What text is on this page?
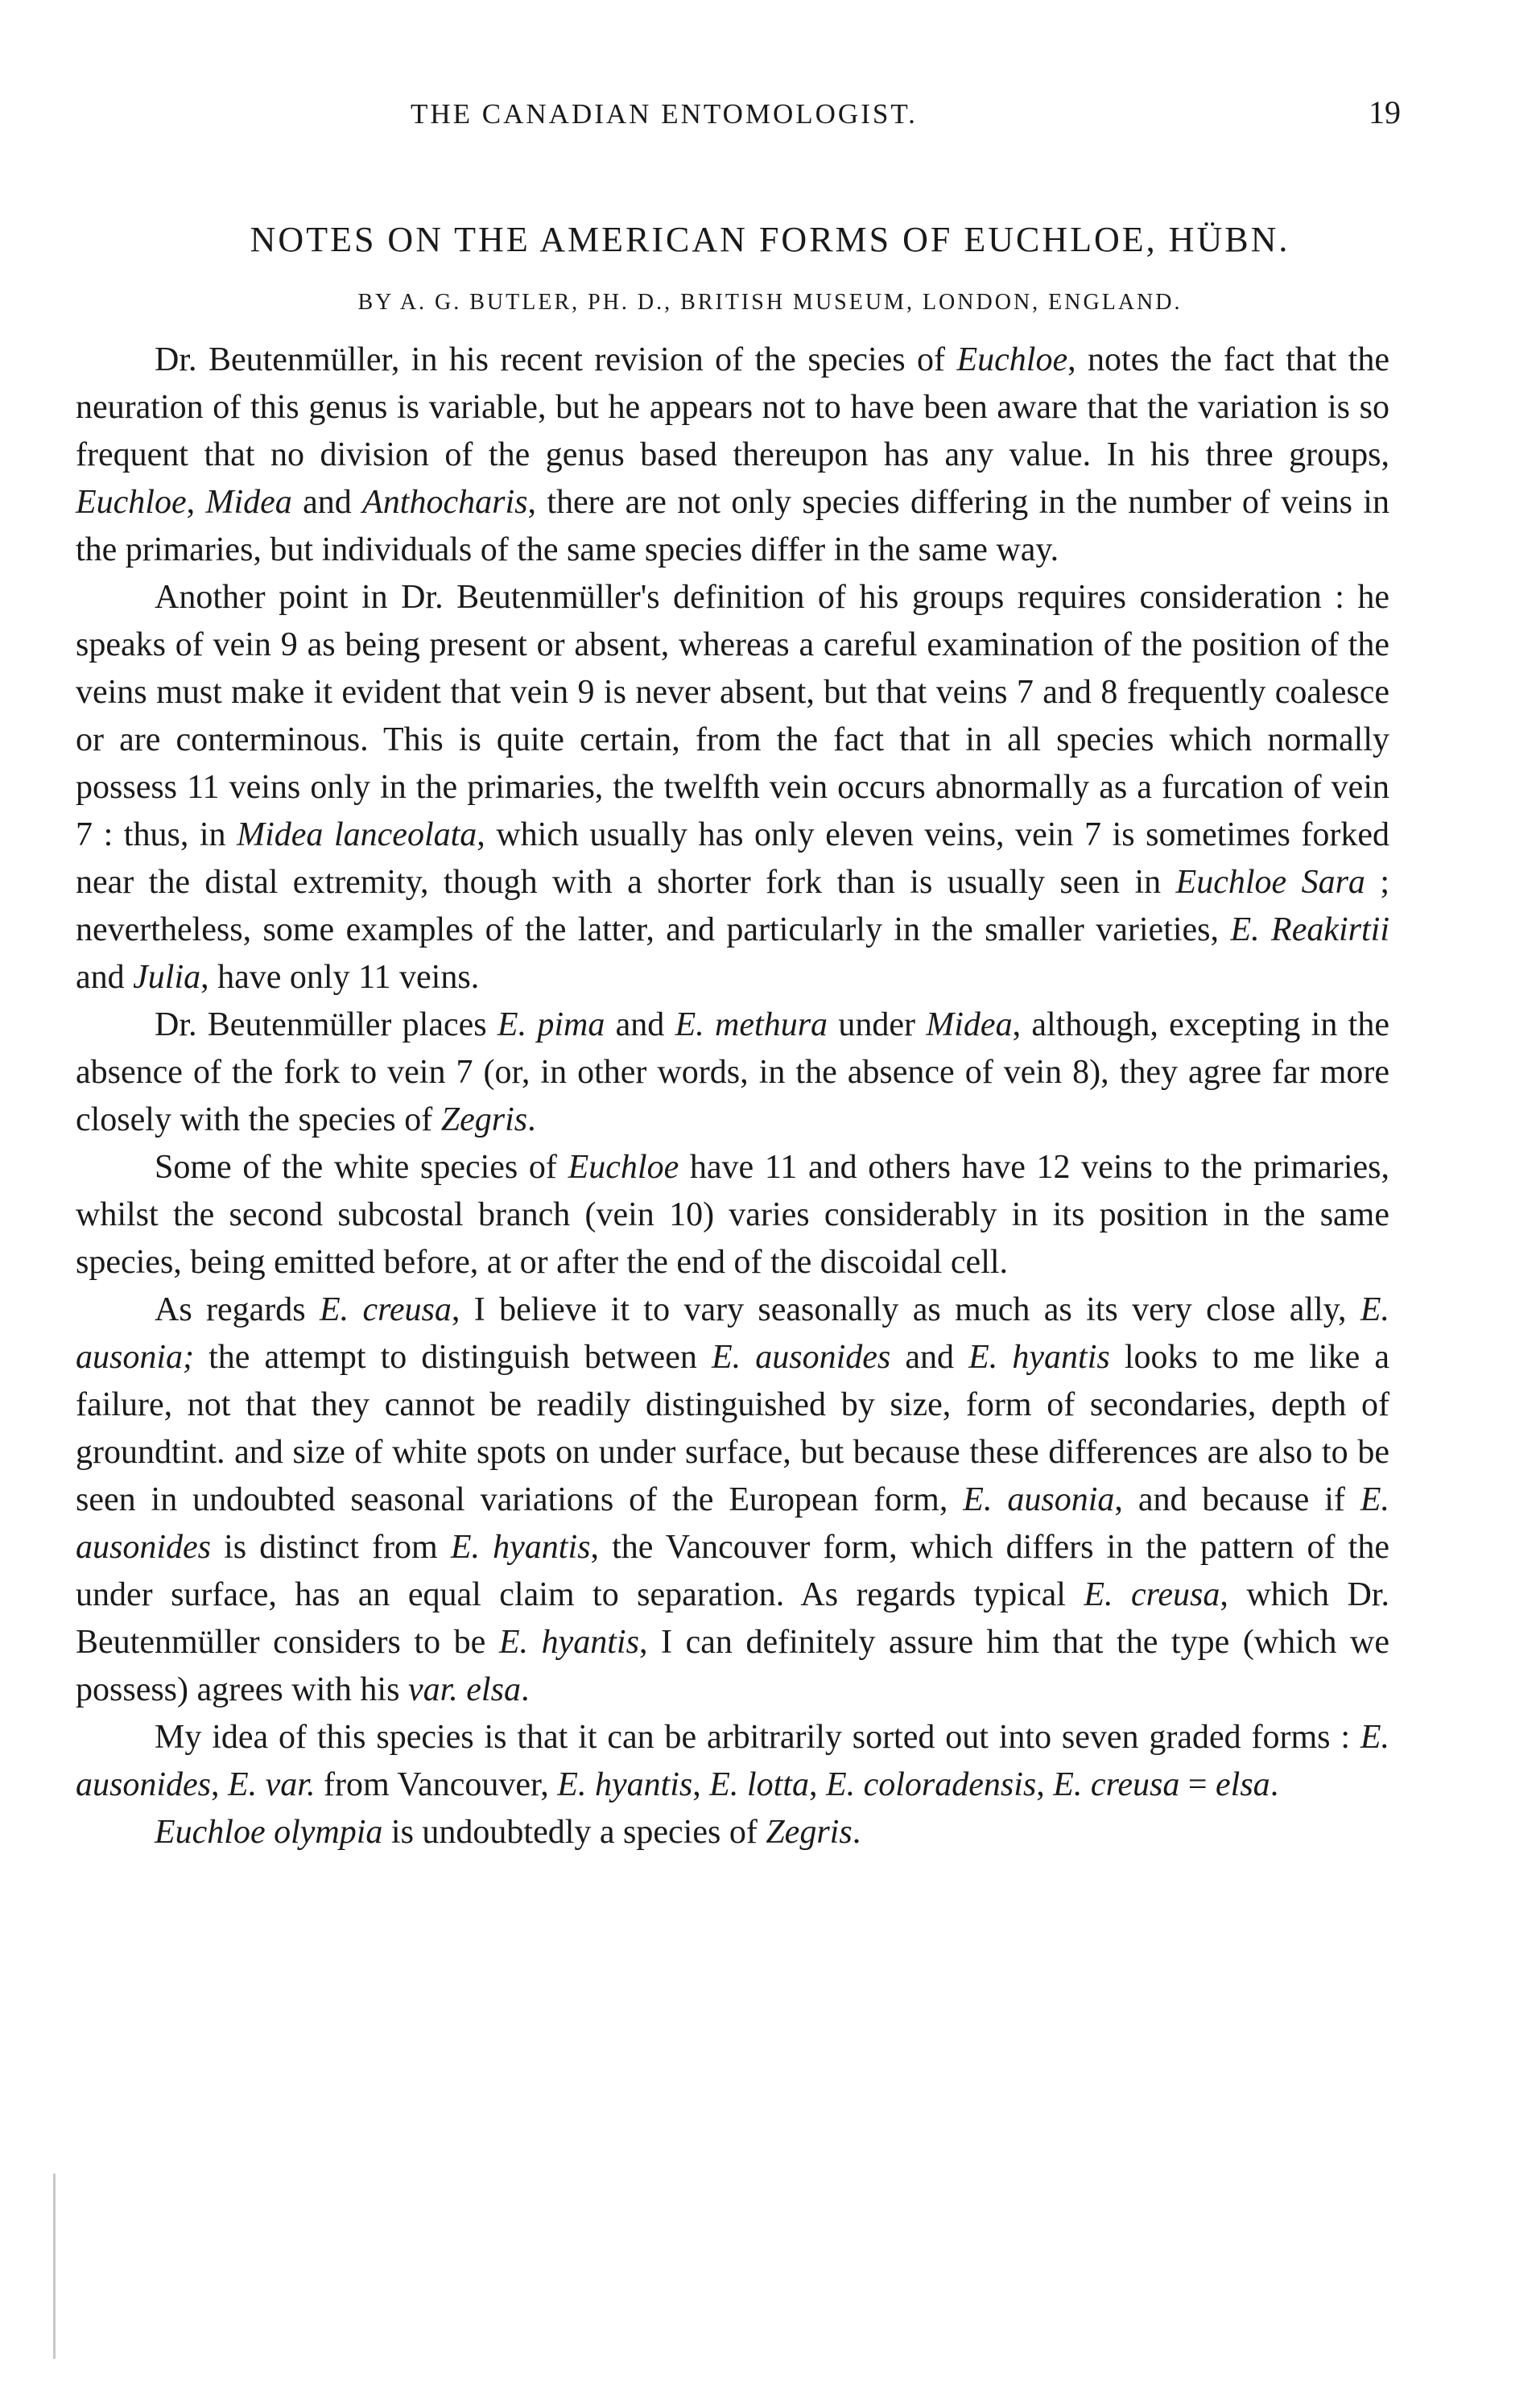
THE CANADIAN ENTOMOLOGIST.	19
NOTES ON THE AMERICAN FORMS OF EUCHLOE, HÜBN.
BY A. G. BUTLER, PH. D., BRITISH MUSEUM, LONDON, ENGLAND.

Dr. Beutenmüller, in his recent revision of the species of Euchloe, notes the fact that the neuration of this genus is variable, but he appears not to have been aware that the variation is so frequent that no division of the genus based thereupon has any value. In his three groups, Euchloe, Midea and Anthocharis, there are not only species differing in the number of veins in the primaries, but individuals of the same species differ in the same way.

Another point in Dr. Beutenmüller's definition of his groups requires consideration : he speaks of vein 9 as being present or absent, whereas a careful examination of the position of the veins must make it evident that vein 9 is never absent, but that veins 7 and 8 frequently coalesce or are conterminous. This is quite certain, from the fact that in all species which normally possess 11 veins only in the primaries, the twelfth vein occurs abnormally as a furcation of vein 7 : thus, in Midea lanceolata, which usually has only eleven veins, vein 7 is sometimes forked near the distal extremity, though with a shorter fork than is usually seen in Euchloe Sara ; nevertheless, some examples of the latter, and particularly in the smaller varieties, E. Reakirtii and Julia, have only 11 veins.

Dr. Beutenmüller places E. pima and E. methura under Midea, although, excepting in the absence of the fork to vein 7 (or, in other words, in the absence of vein 8), they agree far more closely with the species of Zegris.

Some of the white species of Euchloe have 11 and others have 12 veins to the primaries, whilst the second subcostal branch (vein 10) varies considerably in its position in the same species, being emitted before, at or after the end of the discoidal cell.

As regards E. creusa, I believe it to vary seasonally as much as its very close ally, E. ausonia; the attempt to distinguish between E. ausonides and E. hyantis looks to me like a failure, not that they cannot be readily distinguished by size, form of secondaries, depth of groundtint. and size of white spots on under surface, but because these differences are also to be seen in undoubted seasonal variations of the European form, E. ausonia, and because if E. ausonides is distinct from E. hyantis, the Vancouver form, which differs in the pattern of the under surface, has an equal claim to separation. As regards typical E. creusa, which Dr. Beutenmüller considers to be E. hyantis, I can definitely assure him that the type (which we possess) agrees with his var. elsa.

My idea of this species is that it can be arbitrarily sorted out into seven graded forms : E. ausonides, E. var. from Vancouver, E. hyantis, E. lotta, E. coloradensis, E. creusa = elsa.

Euchloe olympia is undoubtedly a species of Zegris.
